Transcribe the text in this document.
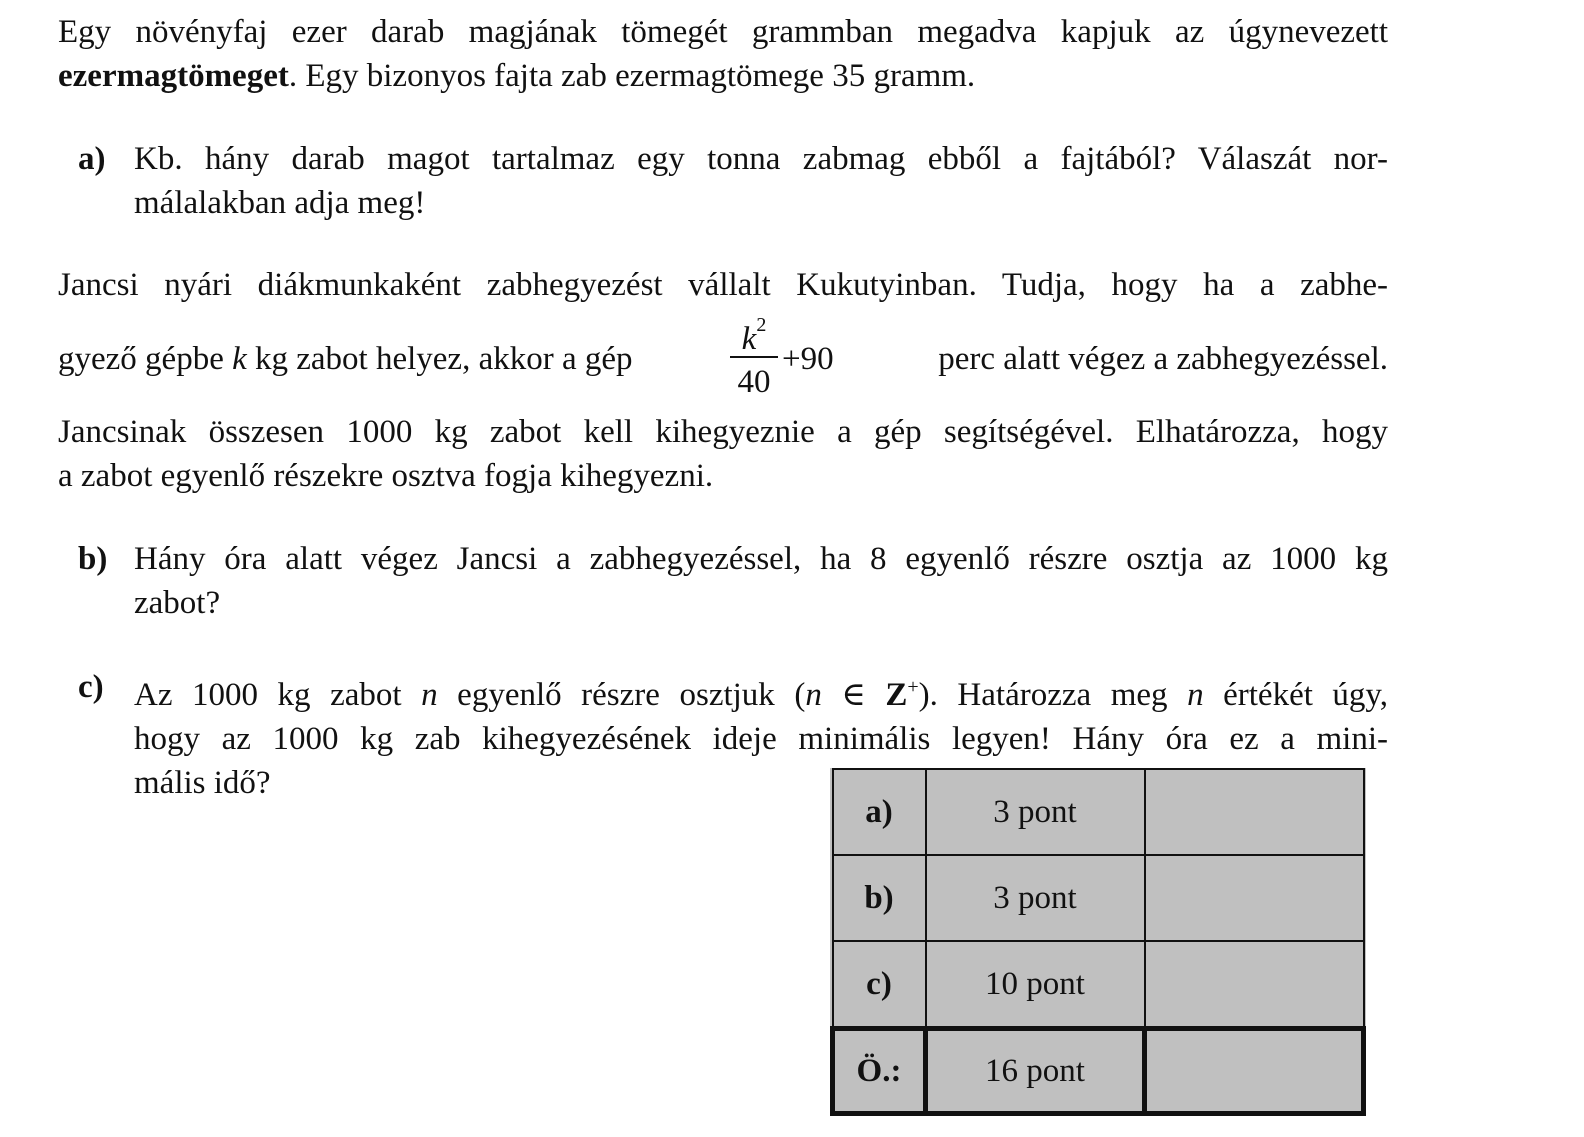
Egy növényfaj ezer darab magjának tömegét grammban megadva kapjuk az úgynevezett
ezermagtömeget. Egy bizonyos fajta zab ezermagtömege 35 gramm.
a) Kb. hány darab magot tartalmaz egy tonna zabmag ebből a fajtából? Válaszát nor-
málalakban adja meg!
Jancsi nyári diákmunkaként zabhegyezést vállalt Kukutyinban. Tudja, hogy ha a zabhe-
gyező gépbe k kg zabot helyez, akkor a gép
$k^2$
40
+90	perc alatt végez a zabhegyezéssel.
Jancsinak összesen 1000 kg zabot kell kihegyeznie a gép segítségével. Elhatározza, hogy
a zabot egyenlő részekre osztva fogja kihegyezni.
b) Hány óra alatt végez Jancsi a zabhegyezéssel, ha 8 egyenlő részre osztja az 1000 kg
zabot?
c) Az 1000 kg zabot n egyenlő részre osztjuk (n ∈ Z+). Határozza meg n értékét úgy,
hogy az 1000 kg zab kihegyezésének ideje minimális legyen! Hány óra ez a mini-
mális idő?
a)	3 pont	
b)	3 pont	
c)	10 pont	
Ö.:	16 pont	
